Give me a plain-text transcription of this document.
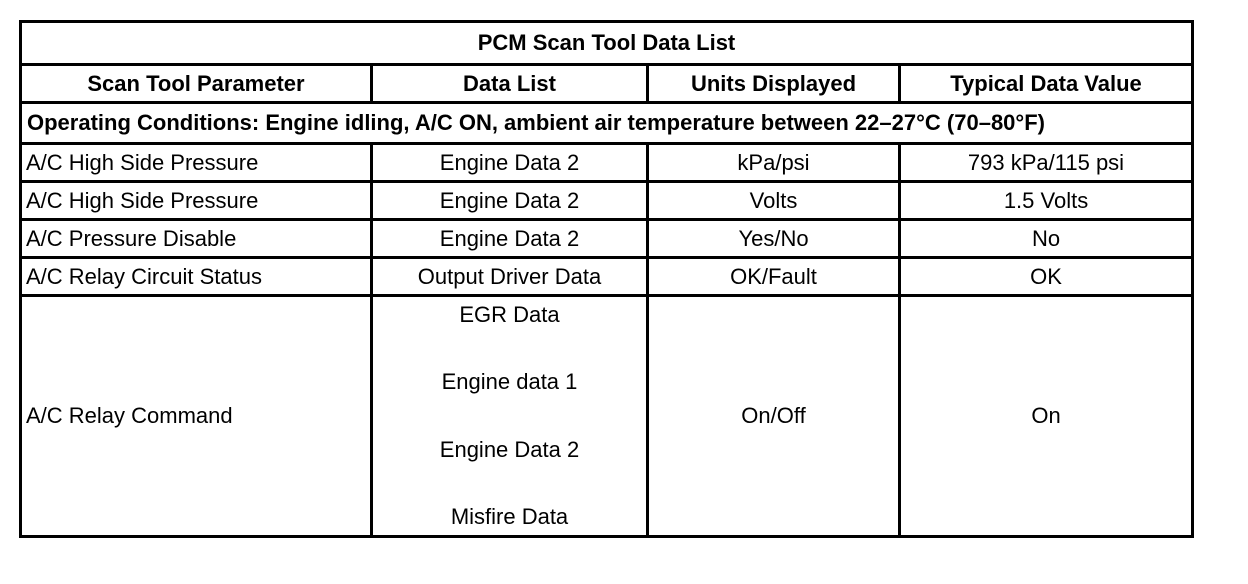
PCM Scan Tool Data List			
Scan Tool Parameter	Data List	Units Displayed	Typical Data Value
Operating Conditions: Engine idling, A/C ON, ambient air temperature between 22–27°C (70–80°F)			
A/C High Side Pressure	Engine Data 2	kPa/psi	793 kPa/115 psi
A/C High Side Pressure	Engine Data 2	Volts	1.5 Volts
A/C Pressure Disable	Engine Data 2	Yes/No	No
A/C Relay Circuit Status	Output Driver Data	OK/Fault	OK
A/C Relay Command	EGR Data
Engine data 1
Engine Data 2
Misfire Data	On/Off	On
